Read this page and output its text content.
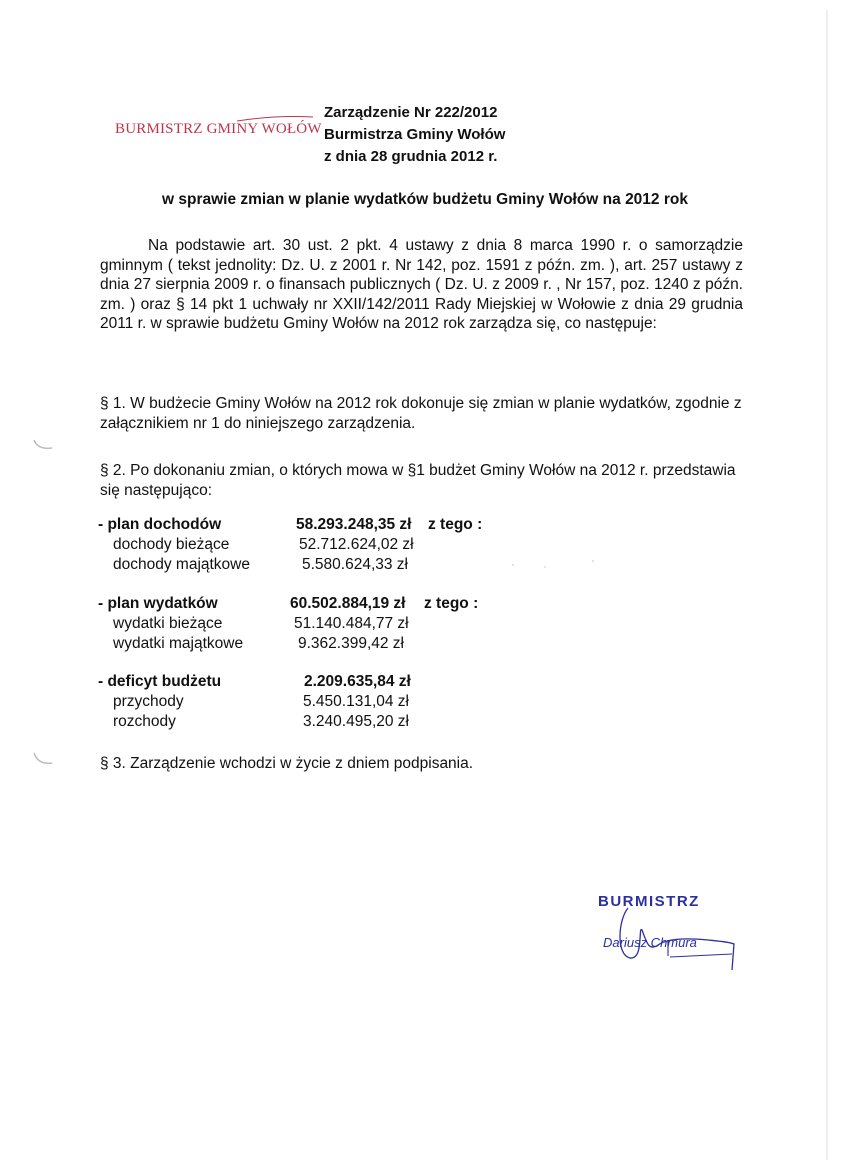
BURMISTRZ GMINY WOŁÓW
Zarządzenie Nr 222/2012
Burmistrza Gminy Wołów
z dnia 28 grudnia 2012 r.
w sprawie zmian w planie wydatków budżetu Gminy Wołów na 2012 rok
Na podstawie art. 30 ust. 2 pkt. 4 ustawy z dnia 8 marca 1990 r. o samorządzie gminnym ( tekst jednolity: Dz. U. z 2001 r. Nr 142, poz. 1591 z późn. zm. ), art. 257 ustawy z dnia 27 sierpnia 2009 r. o finansach publicznych ( Dz. U. z 2009 r. , Nr 157, poz. 1240 z późn. zm. ) oraz § 14 pkt 1 uchwały nr XXII/142/2011 Rady Miejskiej w Wołowie z dnia 29 grudnia 2011 r. w sprawie budżetu Gminy Wołów na 2012 rok zarządza się, co następuje:
§ 1. W budżecie Gminy Wołów na 2012 rok dokonuje się zmian w planie wydatków, zgodnie z załącznikiem nr 1 do niniejszego zarządzenia.
§ 2. Po dokonaniu zmian, o których mowa w §1 budżet Gminy Wołów na 2012 r. przedstawia się następująco:
- plan dochodów	58.293.248,35 zł z tego :
dochody bieżące	52.712.624,02 zł
dochody majątkowe	5.580.624,33 zł
- plan wydatków	60.502.884,19 zł z tego :
wydatki bieżące	51.140.484,77 zł
wydatki majątkowe	9.362.399,42 zł
- deficyt budżetu	2.209.635,84 zł
przychody	5.450.131,04 zł
rozchody	3.240.495,20 zł
§ 3. Zarządzenie wchodzi w życie z dniem podpisania.
BURMISTRZ
Dariusz Chmura
